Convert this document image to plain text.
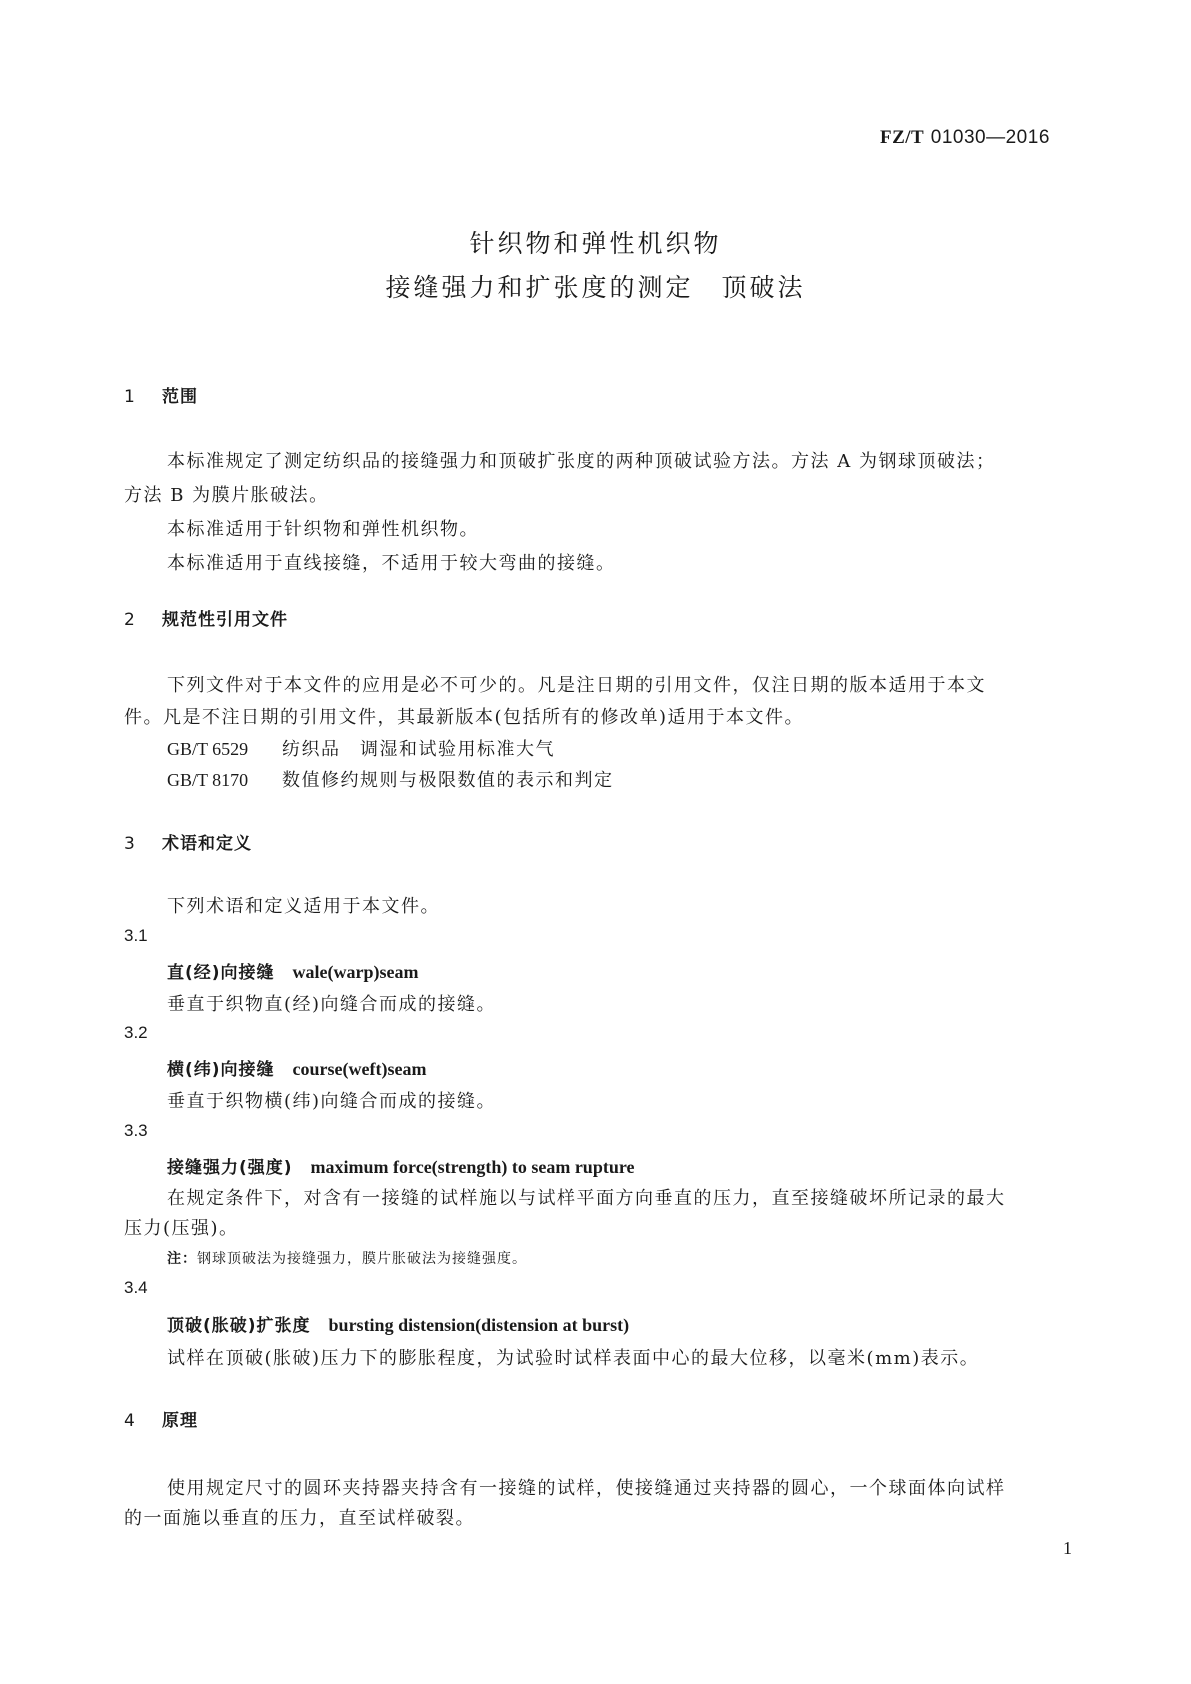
FZ/T 01030—2016
针织物和弹性机织物
接缝强力和扩张度的测定　顶破法
1 范围
本标准规定了测定纺织品的接缝强力和顶破扩张度的两种顶破试验方法。方法 A 为钢球顶破法；
方法 B 为膜片胀破法。
本标准适用于针织物和弹性机织物。
本标准适用于直线接缝，不适用于较大弯曲的接缝。
2 规范性引用文件
下列文件对于本文件的应用是必不可少的。凡是注日期的引用文件，仅注日期的版本适用于本文
件。凡是不注日期的引用文件，其最新版本(包括所有的修改单)适用于本文件。
GB/T 6529 纺织品　调湿和试验用标准大气
GB/T 8170 数值修约规则与极限数值的表示和判定
3 术语和定义
下列术语和定义适用于本文件。
3.1
直(经)向接缝 wale(warp)seam
垂直于织物直(经)向缝合而成的接缝。
3.2
横(纬)向接缝 course(weft)seam
垂直于织物横(纬)向缝合而成的接缝。
3.3
接缝强力(强度) maximum force(strength) to seam rupture
在规定条件下，对含有一接缝的试样施以与试样平面方向垂直的压力，直至接缝破坏所记录的最大
压力(压强)。
注：钢球顶破法为接缝强力，膜片胀破法为接缝强度。
3.4
顶破(胀破)扩张度 bursting distension(distension at burst)
试样在顶破(胀破)压力下的膨胀程度，为试验时试样表面中心的最大位移，以毫米(mm)表示。
4 原理
使用规定尺寸的圆环夹持器夹持含有一接缝的试样，使接缝通过夹持器的圆心，一个球面体向试样
的一面施以垂直的压力，直至试样破裂。
1
